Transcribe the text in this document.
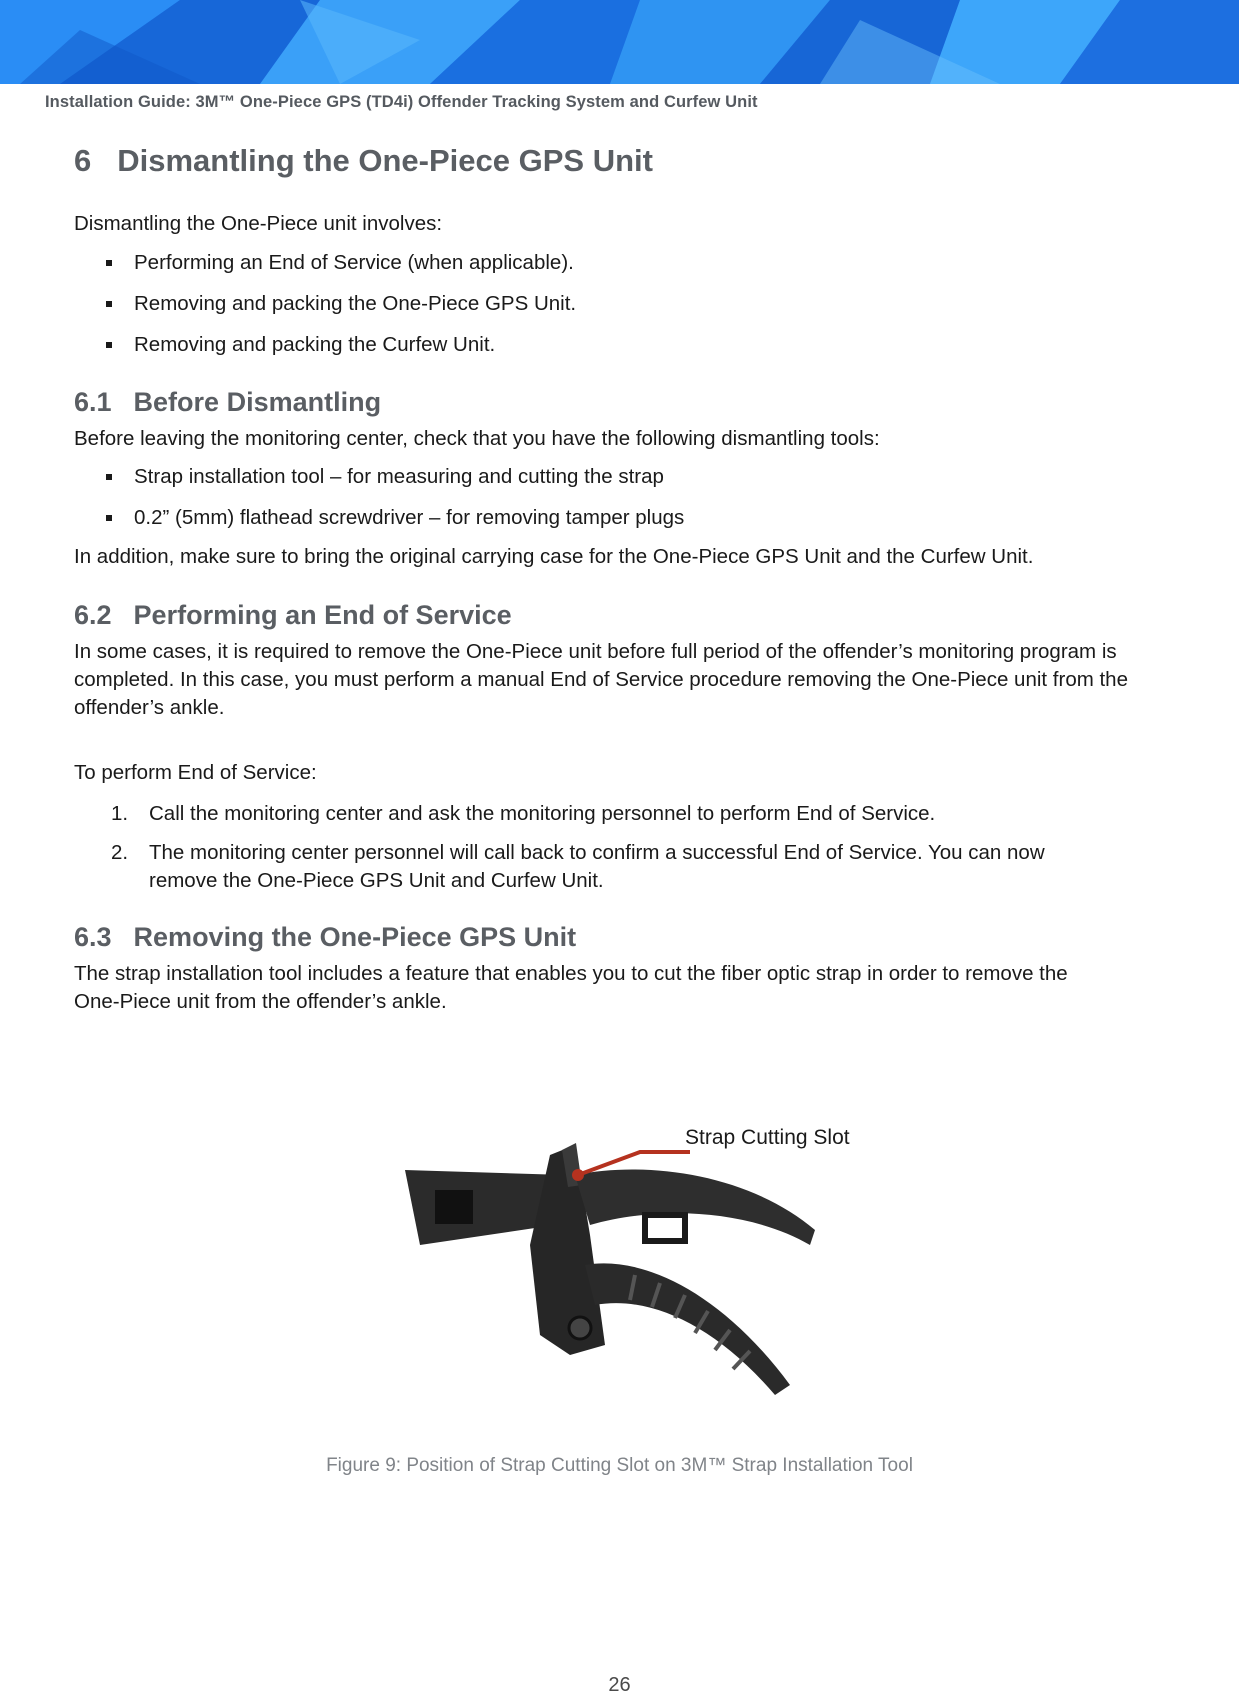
Installation Guide: 3M™ One-Piece GPS (TD4i) Offender Tracking System and Curfew Unit
6 Dismantling the One-Piece GPS Unit

Dismantling the One-Piece unit involves:

Performing an End of Service (when applicable).
Removing and packing the One-Piece GPS Unit.
Removing and packing the Curfew Unit.
6.1 Before Dismantling

Before leaving the monitoring center, check that you have the following dismantling tools:

Strap installation tool – for measuring and cutting the strap
0.2” (5mm) flathead screwdriver – for removing tamper plugs

In addition, make sure to bring the original carrying case for the One-Piece GPS Unit and the Curfew Unit.

6.2 Performing an End of Service

In some cases, it is required to remove the One-Piece unit before full period of the offender’s monitoring program is completed. In this case, you must perform a manual End of Service procedure removing the One-Piece unit from the offender’s ankle.

To perform End of Service:

1.	Call the monitoring center and ask the monitoring personnel to perform End of Service.
2.	The monitoring center personnel will call back to confirm a successful End of Service. You can now remove the One-Piece GPS Unit and Curfew Unit.
6.3 Removing the One-Piece GPS Unit

The strap installation tool includes a feature that enables you to cut the fiber optic strap in order to remove the One-Piece unit from the offender’s ankle.

Strap Cutting Slot
Figure 9: Position of Strap Cutting Slot on 3M™ Strap Installation Tool
26
